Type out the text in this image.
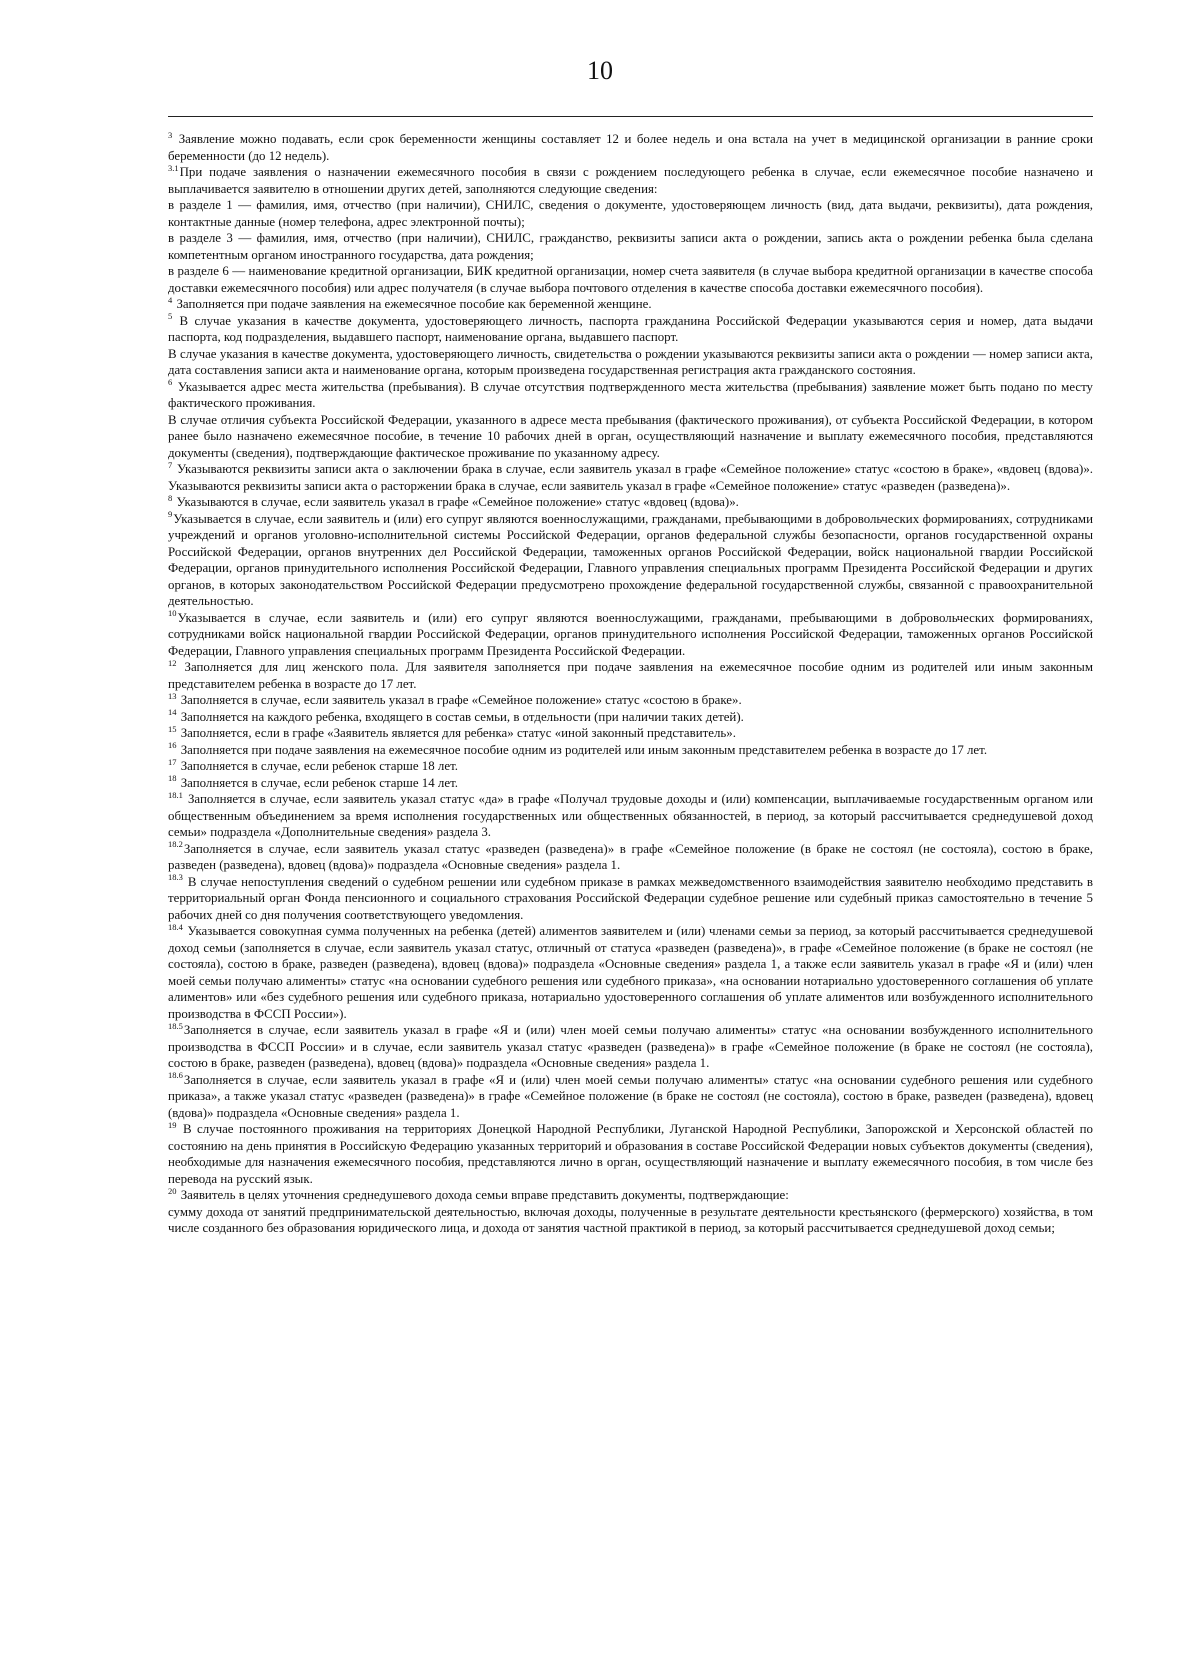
10

$^3$ Заявление можно подавать, если срок беременности женщины составляет 12 и более недель и она встала на учет в медицинской организации в ранние сроки беременности (до 12 недель).

$^{3.1}$При подаче заявления о назначении ежемесячного пособия в связи с рождением последующего ребенка в случае, если ежемесячное пособие назначено и выплачивается заявителю в отношении других детей, заполняются следующие сведения:

в разделе 1 — фамилия, имя, отчество (при наличии), СНИЛС, сведения о документе, удостоверяющем личность (вид, дата выдачи, реквизиты), дата рождения, контактные данные (номер телефона, адрес электронной почты);

в разделе 3 — фамилия, имя, отчество (при наличии), СНИЛС, гражданство, реквизиты записи акта о рождении, запись акта о рождении ребенка была сделана компетентным органом иностранного государства, дата рождения;

в разделе 6 — наименование кредитной организации, БИК кредитной организации, номер счета заявителя (в случае выбора кредитной организации в качестве способа доставки ежемесячного пособия) или адрес получателя (в случае выбора почтового отделения в качестве способа доставки ежемесячного пособия).

$^4$ Заполняется при подаче заявления на ежемесячное пособие как беременной женщине.

$^5$ В случае указания в качестве документа, удостоверяющего личность, паспорта гражданина Российской Федерации указываются серия и номер, дата выдачи паспорта, код подразделения, выдавшего паспорт, наименование органа, выдавшего паспорт.

В случае указания в качестве документа, удостоверяющего личность, свидетельства о рождении указываются реквизиты записи акта о рождении — номер записи акта, дата составления записи акта и наименование органа, которым произведена государственная регистрация акта гражданского состояния.

$^6$ Указывается адрес места жительства (пребывания). В случае отсутствия подтвержденного места жительства (пребывания) заявление может быть подано по месту фактического проживания.

В случае отличия субъекта Российской Федерации, указанного в адресе места пребывания (фактического проживания), от субъекта Российской Федерации, в котором ранее было назначено ежемесячное пособие, в течение 10 рабочих дней в орган, осуществляющий назначение и выплату ежемесячного пособия, представляются документы (сведения), подтверждающие фактическое проживание по указанному адресу.

$^7$ Указываются реквизиты записи акта о заключении брака в случае, если заявитель указал в графе «Семейное положение» статус «состою в браке», «вдовец (вдова)». Указываются реквизиты записи акта о расторжении брака в случае, если заявитель указал в графе «Семейное положение» статус «разведен (разведена)».

$^8$ Указываются в случае, если заявитель указал в графе «Семейное положение» статус «вдовец (вдова)».

$^9$Указывается в случае, если заявитель и (или) его супруг являются военнослужащими, гражданами, пребывающими в добровольческих формированиях, сотрудниками учреждений и органов уголовно-исполнительной системы Российской Федерации, органов федеральной службы безопасности, органов государственной охраны Российской Федерации, органов внутренних дел Российской Федерации, таможенных органов Российской Федерации, войск национальной гвардии Российской Федерации, органов принудительного исполнения Российской Федерации, Главного управления специальных программ Президента Российской Федерации и других органов, в которых законодательством Российской Федерации предусмотрено прохождение федеральной государственной службы, связанной с правоохранительной деятельностью.

$^{10}$Указывается в случае, если заявитель и (или) его супруг являются военнослужащими, гражданами, пребывающими в добровольческих формированиях, сотрудниками войск национальной гвардии Российской Федерации, органов принудительного исполнения Российской Федерации, таможенных органов Российской Федерации, Главного управления специальных программ Президента Российской Федерации.

$^{12}$ Заполняется для лиц женского пола. Для заявителя заполняется при подаче заявления на ежемесячное пособие одним из родителей или иным законным представителем ребенка в возрасте до 17 лет.

$^{13}$ Заполняется в случае, если заявитель указал в графе «Семейное положение» статус «состою в браке».

$^{14}$ Заполняется на каждого ребенка, входящего в состав семьи, в отдельности (при наличии таких детей).

$^{15}$ Заполняется, если в графе «Заявитель является для ребенка» статус «иной законный представитель».

$^{16}$ Заполняется при подаче заявления на ежемесячное пособие одним из родителей или иным законным представителем ребенка в возрасте до 17 лет.

$^{17}$ Заполняется в случае, если ребенок старше 18 лет.

$^{18}$ Заполняется в случае, если ребенок старше 14 лет.

$^{18.1}$ Заполняется в случае, если заявитель указал статус «да» в графе «Получал трудовые доходы и (или) компенсации, выплачиваемые государственным органом или общественным объединением за время исполнения государственных или общественных обязанностей, в период, за который рассчитывается среднедушевой доход семьи» подраздела «Дополнительные сведения» раздела 3.

$^{18.2}$Заполняется в случае, если заявитель указал статус «разведен (разведена)» в графе «Семейное положение (в браке не состоял (не состояла), состою в браке, разведен (разведена), вдовец (вдова)» подраздела «Основные сведения» раздела 1.

$^{18.3}$ В случае непоступления сведений о судебном решении или судебном приказе в рамках межведомственного взаимодействия заявителю необходимо представить в территориальный орган Фонда пенсионного и социального страхования Российской Федерации судебное решение или судебный приказ самостоятельно в течение 5 рабочих дней со дня получения соответствующего уведомления.

$^{18.4}$ Указывается совокупная сумма полученных на ребенка (детей) алиментов заявителем и (или) членами семьи за период, за который рассчитывается среднедушевой доход семьи (заполняется в случае, если заявитель указал статус, отличный от статуса «разведен (разведена)», в графе «Семейное положение (в браке не состоял (не состояла), состою в браке, разведен (разведена), вдовец (вдова)» подраздела «Основные сведения» раздела 1, а также если заявитель указал в графе «Я и (или) член моей семьи получаю алименты» статус «на основании судебного решения или судебного приказа», «на основании нотариально удостоверенного соглашения об уплате алиментов» или «без судебного решения или судебного приказа, нотариально удостоверенного соглашения об уплате алиментов или возбужденного исполнительного производства в ФССП России»).

$^{18.5}$Заполняется в случае, если заявитель указал в графе «Я и (или) член моей семьи получаю алименты» статус «на основании возбужденного исполнительного производства в ФССП России» и в случае, если заявитель указал статус «разведен (разведена)» в графе «Семейное положение (в браке не состоял (не состояла), состою в браке, разведен (разведена), вдовец (вдова)» подраздела «Основные сведения» раздела 1.

$^{18.6}$Заполняется в случае, если заявитель указал в графе «Я и (или) член моей семьи получаю алименты» статус «на основании судебного решения или судебного приказа», а также указал статус «разведен (разведена)» в графе «Семейное положение (в браке не состоял (не состояла), состою в браке, разведен (разведена), вдовец (вдова)» подраздела «Основные сведения» раздела 1.

$^{19}$ В случае постоянного проживания на территориях Донецкой Народной Республики, Луганской Народной Республики, Запорожской и Херсонской областей по состоянию на день принятия в Российскую Федерацию указанных территорий и образования в составе Российской Федерации новых субъектов документы (сведения), необходимые для назначения ежемесячного пособия, представляются лично в орган, осуществляющий назначение и выплату ежемесячного пособия, в том числе без перевода на русский язык.

$^{20}$ Заявитель в целях уточнения среднедушевого дохода семьи вправе представить документы, подтверждающие:

сумму дохода от занятий предпринимательской деятельностью, включая доходы, полученные в результате деятельности крестьянского (фермерского) хозяйства, в том числе созданного без образования юридического лица, и дохода от занятия частной практикой в период, за который рассчитывается среднедушевой доход семьи;
